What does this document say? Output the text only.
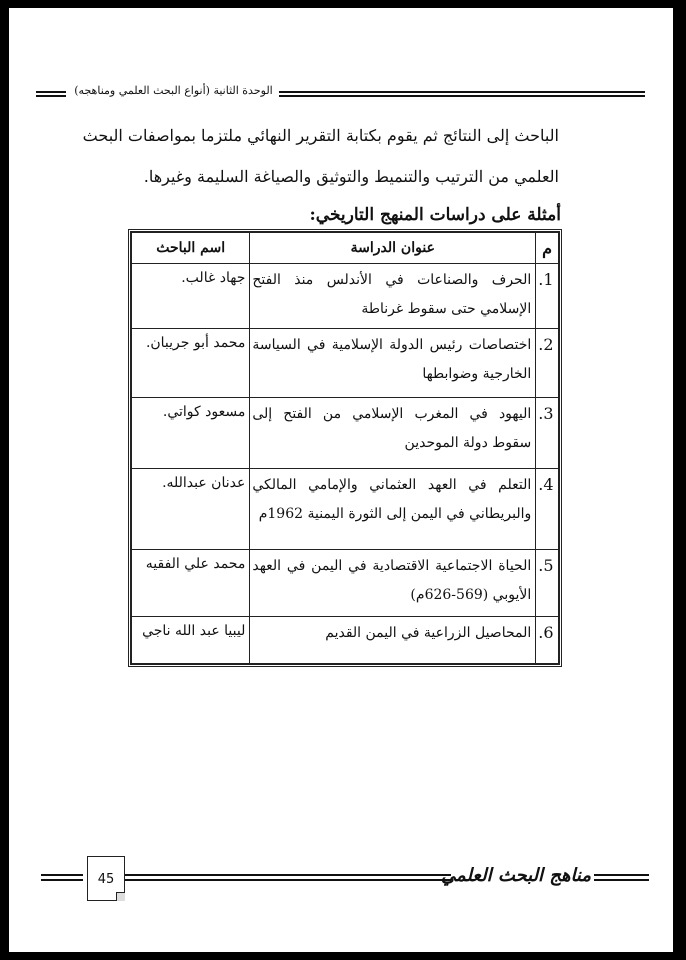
الوحدة الثانية (أنواع البحث العلمي ومناهجه)
الباحث إلى النتائج ثم يقوم بكتابة التقرير النهائي ملتزما بمواصفات البحث
العلمي من الترتيب والتنميط والتوثيق والصياغة السليمة وغيرها.
أمثلة على دراسات المنهج التاريخي:
م	عنوان الدراسة	اسم الباحث
1.	الحرف والصناعات في الأندلس منذ الفتح الإسلامي حتى سقوط غرناطة	جهاد غالب.
2.	اختصاصات رئيس الدولة الإسلامية في السياسة الخارجية وضوابطها	محمد أبو جريبان.
3.	اليهود في المغرب الإسلامي من الفتح إلى سقوط دولة الموحدين	مسعود كواتي.
4.	التعلم في العهد العثماني والإمامي المالكي والبريطاني في اليمن إلى الثورة اليمنية 1962م	عدنان عبدالله.
5.	الحياة الاجتماعية الاقتصادية في اليمن في العهد الأيوبي (569-626م)	محمد علي الفقيه
6.	المحاصيل الزراعية في اليمن القديم	ليبيا عبد الله ناجي
45	مناهج البحث العلمي
